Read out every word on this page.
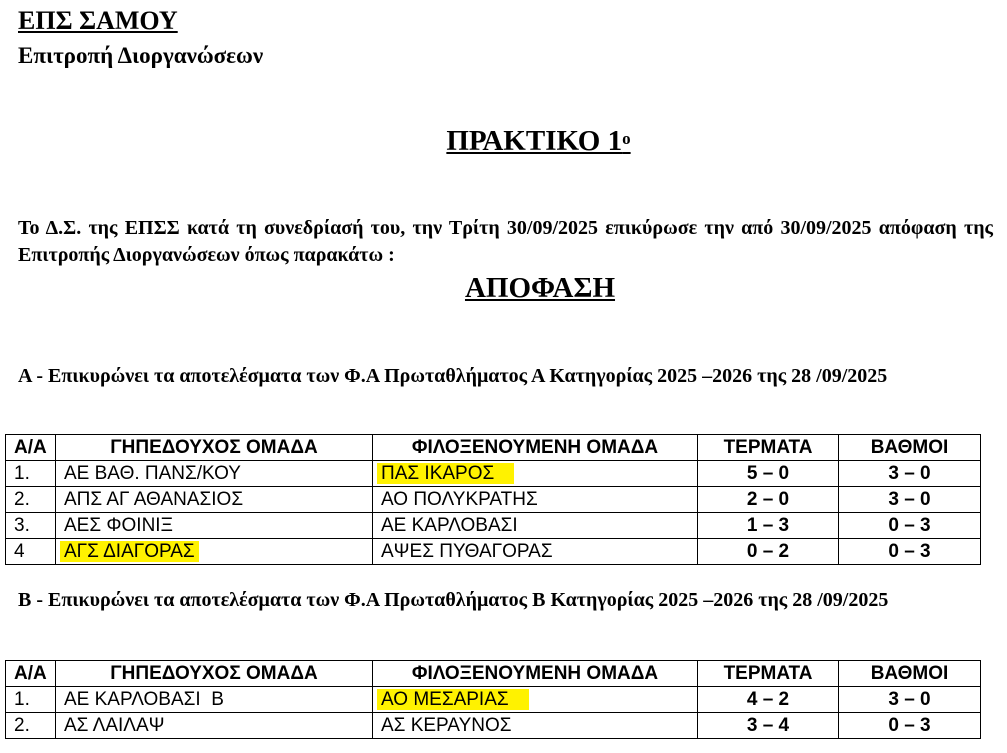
ΕΠΣ ΣΑΜΟΥ
Επιτροπή Διοργανώσεων
ΠΡΑΚΤΙΚΟ $1^o$
Το Δ.Σ. της ΕΠΣΣ κατά τη συνεδρίασή του, την Τρίτη 30/09/2025 επικύρωσε την από 30/09/2025 απόφαση της Επιτροπής Διοργανώσεων όπως παρακάτω :
ΑΠΟΦΑΣΗ
Α - Επικυρώνει τα αποτελέσματα των Φ.Α Πρωταθλήματος Α Κατηγορίας 2025 –2026 της 28 /09/2025
Α/Α	ΓΗΠΕΔΟΥΧΟΣ ΟΜΑΔΑ	ΦΙΛΟΞΕΝΟΥΜΕΝΗ ΟΜΑΔΑ	ΤΕΡΜΑΤΑ	ΒΑΘΜΟΙ
1.	ΑΕ ΒΑΘ. ΠΑΝΣ/ΚΟΥ	ΠΑΣ ΙΚΑΡΟΣ	5 – 0	3 – 0
2.	ΑΠΣ ΑΓ ΑΘΑΝΑΣΙΟΣ	ΑΟ ΠΟΛΥΚΡΑΤΗΣ	2 – 0	3 – 0
3.	ΑΕΣ ΦΟΙΝΙΞ	ΑΕ ΚΑΡΛΟΒΑΣΙ	1 – 3	0 – 3
4	ΑΓΣ ΔΙΑΓΟΡΑΣ	ΑΨΕΣ ΠΥΘΑΓΟΡΑΣ	0 – 2	0 – 3
Β - Επικυρώνει τα αποτελέσματα των Φ.Α Πρωταθλήματος Β Κατηγορίας 2025 –2026 της 28 /09/2025
Α/Α	ΓΗΠΕΔΟΥΧΟΣ ΟΜΑΔΑ	ΦΙΛΟΞΕΝΟΥΜΕΝΗ ΟΜΑΔΑ	ΤΕΡΜΑΤΑ	ΒΑΘΜΟΙ
1.	ΑΕ ΚΑΡΛΟΒΑΣΙ  Β	ΑΟ ΜΕΣΑΡΙΑΣ	4 – 2	3 – 0
2.	ΑΣ ΛΑΙΛΑΨ	ΑΣ ΚΕΡΑΥΝΟΣ	3 – 4	0 – 3
